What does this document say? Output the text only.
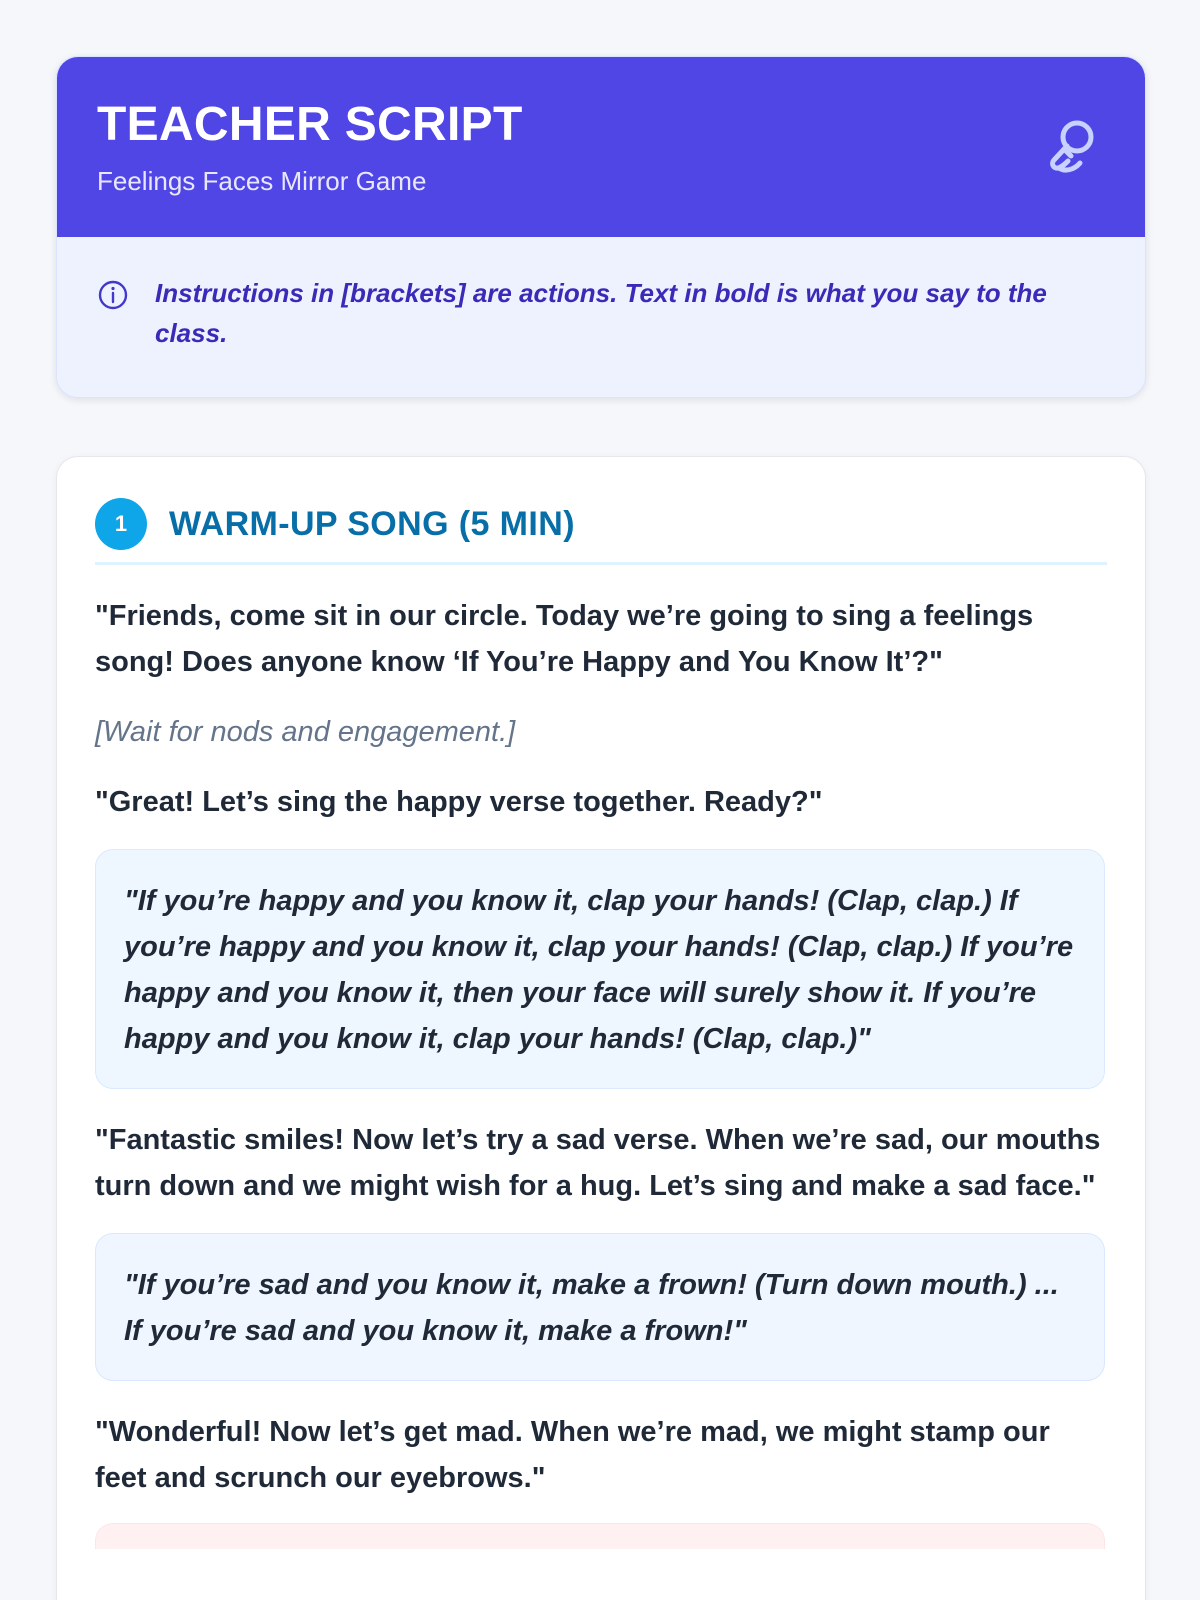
TEACHER SCRIPT
Feelings Faces Mirror Game
Instructions in [brackets] are actions. Text in bold is what you say to the class.
1	WARM-UP SONG (5 MIN)

"Friends, come sit in our circle. Today we’re going to sing a feelings song! Does anyone know ‘If You’re Happy and You Know It’?"

[Wait for nods and engagement.]

"Great! Let’s sing the happy verse together. Ready?"

"If you’re happy and you know it, clap your hands! (Clap, clap.) If you’re happy and you know it, clap your hands! (Clap, clap.) If you’re happy and you know it, then your face will surely show it. If you’re happy and you know it, clap your hands! (Clap, clap.)"

"Fantastic smiles! Now let’s try a sad verse. When we’re sad, our mouths turn down and we might wish for a hug. Let’s sing and make a sad face."

"If you’re sad and you know it, make a frown! (Turn down mouth.) ... If you’re sad and you know it, make a frown!"

"Wonderful! Now let’s get mad. When we’re mad, we might stamp our feet and scrunch our eyebrows."
